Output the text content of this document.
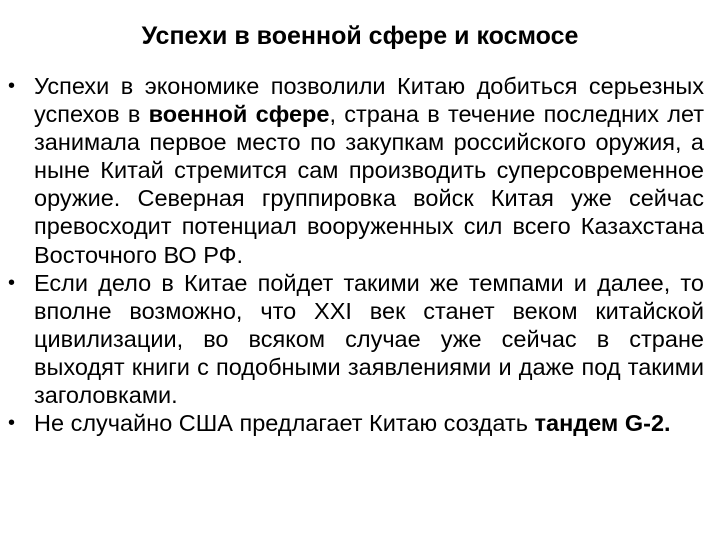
Успехи в военной сфере и космосе
• Успехи в экономике позволили Китаю добиться серьезных успехов в военной сфере, страна в течение последних лет занимала первое место по закупкам российского оружия, а ныне Китай стремится сам производить суперсовременное оружие. Северная группировка войск Китая уже сейчас превосходит потенциал вооруженных сил всего Казахстана Восточного ВО РФ.
• Если дело в Китае пойдет такими же темпами и далее, то вполне возможно, что XXI век станет веком китайской цивилизации, во всяком случае уже сейчас в стране выходят книги с подобными заявлениями и даже под такими заголовками.
• Не случайно США предлагает Китаю создать тандем G-2.
